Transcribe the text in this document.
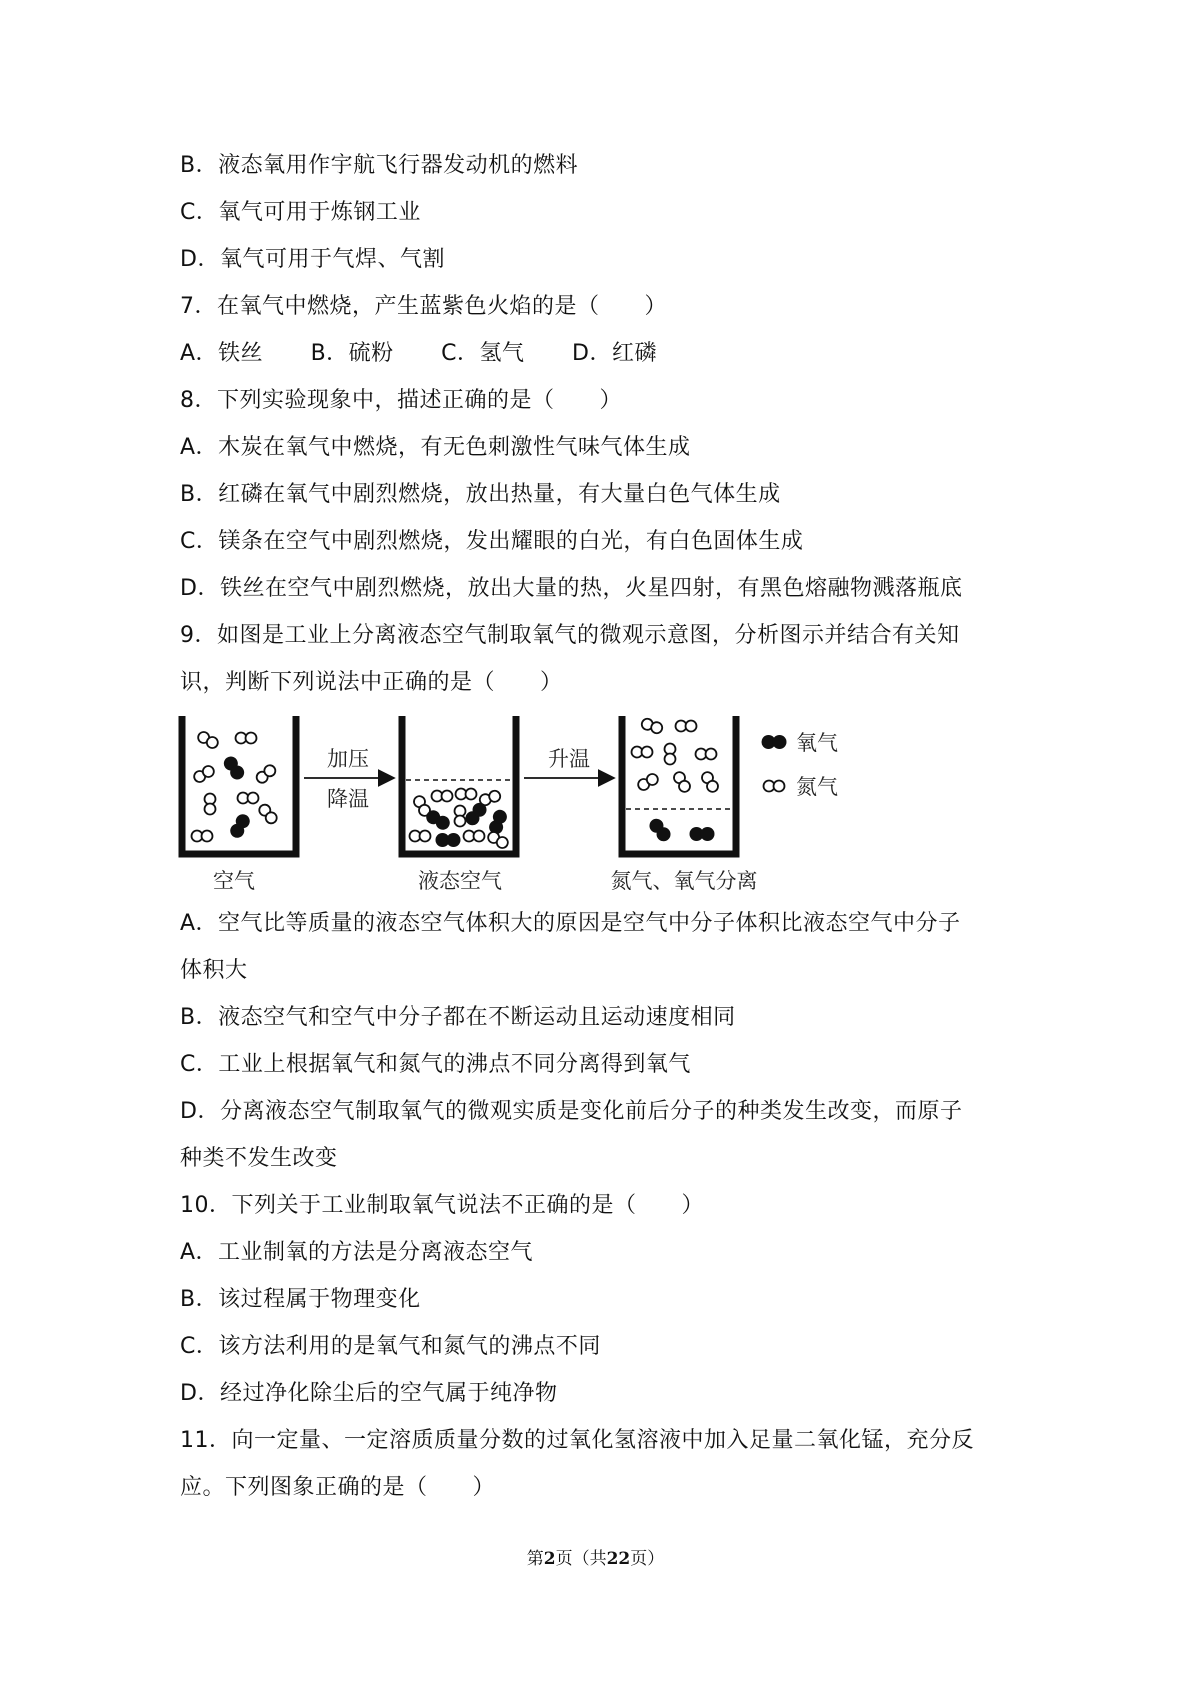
B．液态氧用作宇航飞行器发动机的燃料
C．氧气可用于炼钢工业
D．氧气可用于气焊、气割
7．在氧气中燃烧，产生蓝紫色火焰的是（　　）
A．铁丝 B．硫粉 C．氢气 D．红磷
8．下列实验现象中，描述正确的是（　　）
A．木炭在氧气中燃烧，有无色刺激性气味气体生成
B．红磷在氧气中剧烈燃烧，放出热量，有大量白色气体生成
C．镁条在空气中剧烈燃烧，发出耀眼的白光，有白色固体生成
D．铁丝在空气中剧烈燃烧，放出大量的热，火星四射，有黑色熔融物溅落瓶底
9．如图是工业上分离液态空气制取氧气的微观示意图，分析图示并结合有关知
识，判断下列说法中正确的是（　　）
空气
加压
降温
液态空气
升温
氮气、氧气分离
氧气
氮气
A．空气比等质量的液态空气体积大的原因是空气中分子体积比液态空气中分子
体积大
B．液态空气和空气中分子都在不断运动且运动速度相同
C．工业上根据氧气和氮气的沸点不同分离得到氧气
D．分离液态空气制取氧气的微观实质是变化前后分子的种类发生改变，而原子
种类不发生改变
10．下列关于工业制取氧气说法不正确的是（　　）
A．工业制氧的方法是分离液态空气
B．该过程属于物理变化
C．该方法利用的是氧气和氮气的沸点不同
D．经过净化除尘后的空气属于纯净物
11．向一定量、一定溶质质量分数的过氧化氢溶液中加入足量二氧化锰，充分反
应。下列图象正确的是（　　）
第2页（共22页）
